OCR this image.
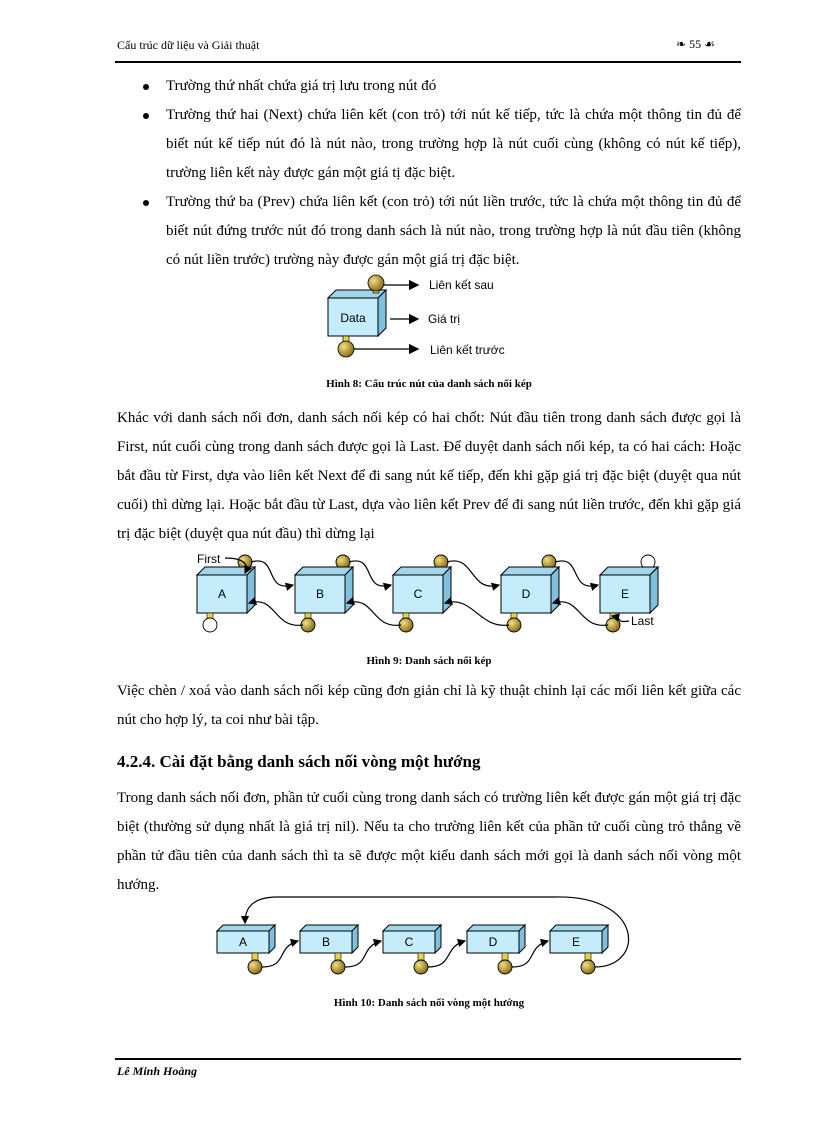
Cấu trúc dữ liệu và Giải thuật	❧ 55 ☙
Trường thứ nhất chứa giá trị lưu trong nút đó
Trường thứ hai (Next) chứa liên kết (con trỏ) tới nút kế tiếp, tức là chứa một thông tin đủ để biết nút kế tiếp nút đó là nút nào, trong trường hợp là nút cuối cùng (không có nút kế tiếp), trường liên kết này được gán một giá tị đặc biệt.
Trường thứ ba (Prev) chứa liên kết (con trỏ) tới nút liền trước, tức là chứa một thông tin đủ để biết nút đứng trước nút đó trong danh sách là nút nào, trong trường hợp là nút đầu tiên (không có nút liền trước) trường này được gán một giá trị đặc biệt.
Data
Liên kết sau
Giá trị
Liên kết trước
Hình 8: Cấu trúc nút của danh sách nối kép

Khác với danh sách nối đơn, danh sách nối kép có hai chốt: Nút đầu tiên trong danh sách được gọi là First, nút cuối cùng trong danh sách được gọi là Last. Để duyệt danh sách nối kép, ta có hai cách: Hoặc bắt đầu từ First, dựa vào liên kết Next để đi sang nút kế tiếp, đến khi gặp giá trị đặc biệt (duyệt qua nút cuối) thì dừng lại. Hoặc bắt đầu từ Last, dựa vào liên kết Prev để đi sang nút liền trước, đến khi gặp giá trị đặc biệt (duyệt qua nút đầu) thì dừng lại

First
Last
A	B	C	D	E
Hình 9: Danh sách nối kép

Việc chèn / xoá vào danh sách nối kép cũng đơn giản chỉ là kỹ thuật chỉnh lại các mối liên kết giữa các nút cho hợp lý, ta coi như bài tập.

4.2.4. Cài đặt bằng danh sách nối vòng một hướng

Trong danh sách nối đơn, phần tử cuối cùng trong danh sách có trường liên kết được gán một giá trị đặc biệt (thường sử dụng nhất là giá trị nil). Nếu ta cho trường liên kết của phần tử cuối cùng trỏ thẳng về phần tử đầu tiên của danh sách thì ta sẽ được một kiểu danh sách mới gọi là danh sách nối vòng một hướng.

A	B	C	D	E
Hình 10: Danh sách nối vòng một hướng
Lê Minh Hoàng
